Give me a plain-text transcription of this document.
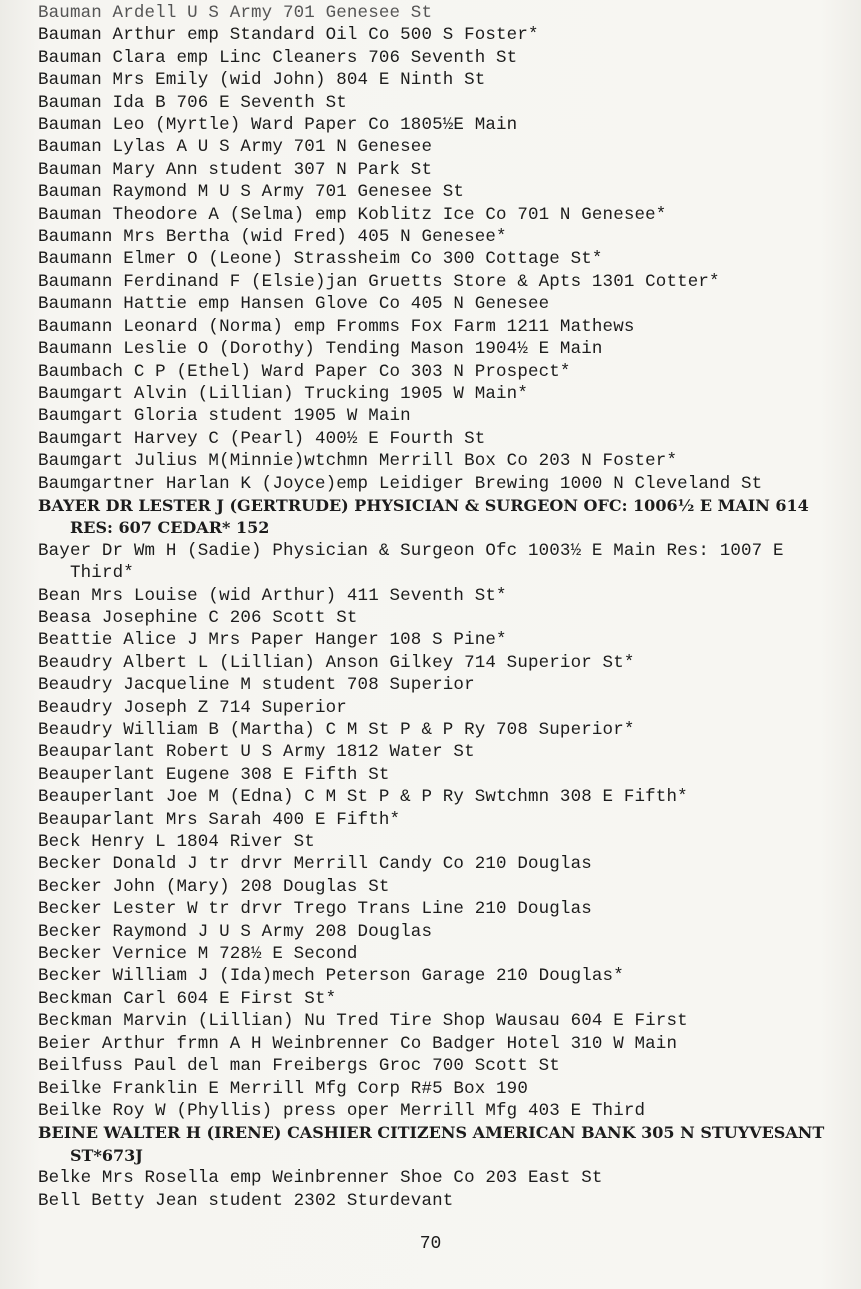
Bauman Ardell U S Army 701 Genesee St
Bauman Arthur emp Standard Oil Co 500 S Foster*
Bauman Clara emp Linc Cleaners 706 Seventh St
Bauman Mrs Emily (wid John) 804 E Ninth St
Bauman Ida B 706 E Seventh St
Bauman Leo (Myrtle) Ward Paper Co 1805½E Main
Bauman Lylas A U S Army 701 N Genesee
Bauman Mary Ann student 307 N Park St
Bauman Raymond M U S Army 701 Genesee St
Bauman Theodore A (Selma) emp Koblitz Ice Co 701 N Genesee*
Baumann Mrs Bertha (wid Fred) 405 N Genesee*
Baumann Elmer O (Leone) Strassheim Co 300 Cottage St*
Baumann Ferdinand F (Elsie)jan Gruetts Store & Apts 1301 Cotter*
Baumann Hattie emp Hansen Glove Co 405 N Genesee
Baumann Leonard (Norma) emp Fromms Fox Farm 1211 Mathews
Baumann Leslie O (Dorothy) Tending Mason 1904½ E Main
Baumbach C P (Ethel) Ward Paper Co 303 N Prospect*
Baumgart Alvin (Lillian) Trucking 1905 W Main*
Baumgart Gloria student 1905 W Main
Baumgart Harvey C (Pearl) 400½ E Fourth St
Baumgart Julius M(Minnie)wtchmn Merrill Box Co 203 N Foster*
Baumgartner Harlan K (Joyce)emp Leidiger Brewing 1000 N Cleveland St
BAYER DR LESTER J (GERTRUDE) PHYSICIAN & SURGEON OFC: 1006½ E MAIN 614 RES: 607 CEDAR* 152
Bayer Dr Wm H (Sadie) Physician & Surgeon Ofc 1003½ E Main Res: 1007 E Third*
Bean Mrs Louise (wid Arthur) 411 Seventh St*
Beasa Josephine C 206 Scott St
Beattie Alice J Mrs Paper Hanger 108 S Pine*
Beaudry Albert L (Lillian) Anson Gilkey 714 Superior St*
Beaudry Jacqueline M student 708 Superior
Beaudry Joseph Z 714 Superior
Beaudry William B (Martha) C M St P & P Ry 708 Superior*
Beauparlant Robert U S Army 1812 Water St
Beauperlant Eugene 308 E Fifth St
Beauperlant Joe M (Edna) C M St P & P Ry Swtchmn 308 E Fifth*
Beauparlant Mrs Sarah 400 E Fifth*
Beck Henry L 1804 River St
Becker Donald J tr drvr Merrill Candy Co 210 Douglas
Becker John (Mary) 208 Douglas St
Becker Lester W tr drvr Trego Trans Line 210 Douglas
Becker Raymond J U S Army 208 Douglas
Becker Vernice M 728½ E Second
Becker William J (Ida)mech Peterson Garage 210 Douglas*
Beckman Carl 604 E First St*
Beckman Marvin (Lillian) Nu Tred Tire Shop Wausau 604 E First
Beier Arthur frmn A H Weinbrenner Co Badger Hotel 310 W Main
Beilfuss Paul del man Freibergs Groc 700 Scott St
Beilke Franklin E Merrill Mfg Corp R#5 Box 190
Beilke Roy W (Phyllis) press oper Merrill Mfg 403 E Third
BEINE WALTER H (IRENE) CASHIER CITIZENS AMERICAN BANK 305 N STUYVESANT ST*673J
Belke Mrs Rosella emp Weinbrenner Shoe Co 203 East St
Bell Betty Jean student 2302 Sturdevant
70
